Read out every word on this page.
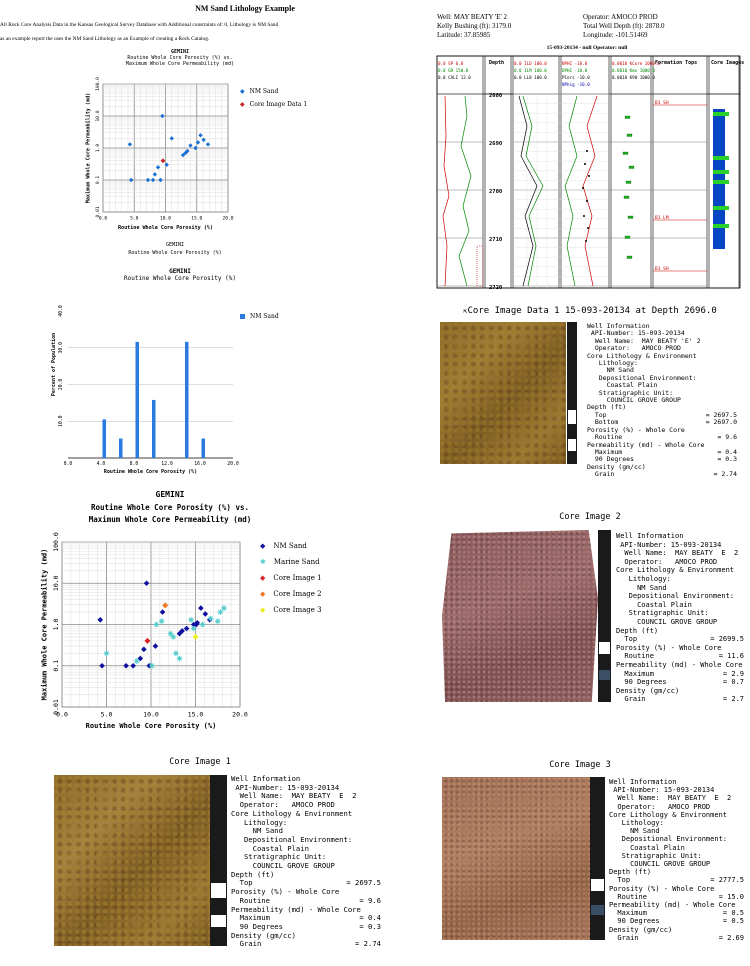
NM Sand Lithology Example
All Rock Core Analysis Data in the Kansas Geological Survey Database with Additional constraints of: 0, Lithology is NM Sand
as an example report the uses the NM Sand Lithology as an Example of creating a Rock Catalog.
GEMINI
Routine Whole Core Porosity (%) vs.
Maximum Whole Core Permeability (md)
0.0	5.0	10.0	15.0	20.0
100.0
10.0
1.0
0.1
0.01
Routine Whole Core Porosity (%)
Maximum Whole Core Permeability (md)
◆ NM Sand
◆ Core Image Data 1
GEMINI
Routine Whole Core Porosity (%)
GEMINI
Routine Whole Core Porosity (%)
0.0	4.0	8.0	12.0	16.0	20.0
40.0
30.0
20.0
10.0
Routine Whole Core Porosity (%)
Percent of Population
NM Sand
GEMINI
Routine Whole Core Porosity (%) vs.
Maximum Whole Core Permeability (md)
0.0	5.0	10.0	15.0	20.0
100.0
10.0
1.0
0.1
0.01
Routine Whole Core Porosity (%)
Maximum Whole Core Permeability (md)
◆ NM Sand
✱ Marine Sand
◆ Core Image 1
◆ Core Image 2
◆ Core Image 3
Well: MAY BEATY 'E' 2
Kelly Bushing (ft): 3179.0
Latitude: 37.85985
Operator: AMOCO PROD
Total Well Depth (ft): 2878.0
Longitude: -101.51469
15-093-20134 - null Operator: null
0.0 SP 0.0
0.0 GR 150.0
0.0 CALI 12.0
0.0 ILD 100.0
0.0 ILM 100.0
0.0 LL8 100.0
NPHI -10.0
DPHI -10.0
PCors -10.0
NPhig -10.0
0.0010 KCore 1000.0
0.0010 Kmx 1000.0
0.0010 K90 1000.0
Depth	Formation Tops	Core Images
2680
2690
2700
2710
2720
B1 SH
B1 LM
B1 SH
⇱Core Image Data 1 15-093-20134 at Depth 2696.0
Well Information
API-Number: 15-093-20134
Well Name:  MAY BEATY 'E' 2
Operator:   AMOCO PROD
Core Lithology & Environment
Lithology:
NM Sand
Depositional Environment:
Coastal Plain
Stratigraphic Unit:
COUNCIL GROVE GROUP
Depth (ft)
Top	= 2697.5
Bottom	= 2697.0
Porosity (%) - Whole Core
Routine	= 9.6
Permeability (md) - Whole Core
Maximum	= 0.4
90 Degrees	= 0.3
Density (gm/cc)
Grain	= 2.74
Core Image 2
Well Information
API-Number: 15-093-20134
Well Name:  MAY BEATY  E  2
Operator:   AMOCO PROD
Core Lithology & Environment
Lithology:
NM Sand
Depositional Environment:
Coastal Plain
Stratigraphic Unit:
COUNCIL GROVE GROUP
Depth (ft)
Top	= 2699.5
Porosity (%) - Whole Core
Routine	= 11.6
Permeability (md) - Whole Core
Maximum	= 2.9
90 Degrees	= 0.7
Density (gm/cc)
Grain	= 2.7
Core Image 1
Well Information
API-Number: 15-093-20134
Well Name:  MAY BEATY  E  2
Operator:   AMOCO PROD
Core Lithology & Environment
Lithology:
NM Sand
Depositional Environment:
Coastal Plain
Stratigraphic Unit:
COUNCIL GROVE GROUP
Depth (ft)
Top	= 2697.5
Porosity (%) - Whole Core
Routine	= 9.6
Permeability (md) - Whole Core
Maximum	= 0.4
90 Degrees	= 0.3
Density (gm/cc)
Grain	= 2.74
Core Image 3
Well Information
API-Number: 15-093-20134
Well Name:  MAY BEATY  E  2
Operator:   AMOCO PROD
Core Lithology & Environment
Lithology:
NM Sand
Depositional Environment:
Coastal Plain
Stratigraphic Unit:
COUNCIL GROVE GROUP
Depth (ft)
Top	= 2777.5
Porosity (%) - Whole Core
Routine	= 15.0
Permeability (md) - Whole Core
Maximum	= 0.5
90 Degrees	= 0.5
Density (gm/cc)
Grain	= 2.69
